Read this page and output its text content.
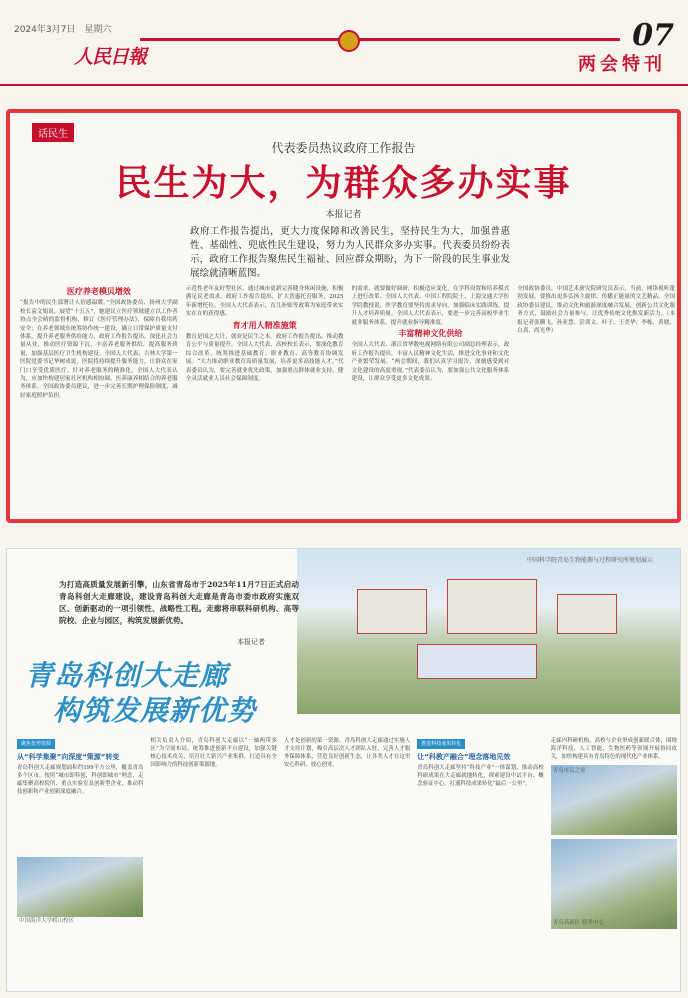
2024年3月7日　星期六
人民日報
07
两会特刊
话民生
代表委员热议政府工作报告
民生为大，为群众多办实事
本报记者
政府工作报告提出，更大力度保障和改善民生，坚持民生为大，加强普惠性、基础性、兜底性民生建设，努力为人民群众多办实事。代表委员纷纷表示，政府工作报告聚焦民生福祉、回应群众期盼，为下一阶段的民生事业发展绘就清晰蓝图。
医疗养老模贝增效

“报告中的民生部署让人倍感温暖。”全国政协委员、扬州大学副校长袁文娟说。展望“十五五”，她建议立医疗领域建立以工作者协点全会晴的监督机构，修订《医疗管理办法》，保障自我用药安全；在养老领域东统筹协作统一建设，确立日常保护质量支付体系，提升养老服务供给能力。政府工作报告提出，深化社会力量从业，推动医疗资源下沉，丰富养老服务供给，提高服务质量，加强基层医疗卫生机构建设。全国人大代表、吉林大学第一医院党委书记华树成说，医院将持续提升服务能力，让群众在家门口享受优质医疗。针对养老服务的精准化，全国人大代表认为，应加快构建居家社区机构相协调、医养康养相结合的养老服务体系。全国政协委员建议，进一步完善长期护理保险制度，减轻家庭照护负担。

示范性老年友好型社区，通过城市更新完善健身休闲设施，积极满足民老需求。政府工作报告提出，扩大普惠托育服务，2025年新增托位。全国人大代表表示，育儿补贴等政策为家庭带来实实在在的获得感。

育才用人精准施策

教育是国之大计，就业是民生之本。政府工作报告提出，推动教育公平与质量提升。全国人大代表、高校校长表示，要深化教育综合改革，统筹推进基础教育、职业教育、高等教育协调发展。“大力推动职业教育高质量发展，培养更多高技能人才。”代表委员认为，要完善就业优先政策，加强重点群体就业支持，健全灵活就业人员社会保障制度。

的需求，就要做好调研，积极适应变化，在学科设置和培养模式上进行改革。全国人大代表、中国工程院院士、上海交通大学医学院教授说，医学教育要坚持需求导向，加强临床实践训练，提升人才培养质量。全国人大代表表示，要进一步完善高校毕业生就业服务体系，提升就业指导精准度。

丰富精神文化供给

全国人大代表、浙江省华数电视网络有限公司副总经理表示，政府工作报告提出，丰富人民精神文化生活，推进文化事业和文化产业繁荣发展。“两会期间，我们认真学习报告，深刻感受到对文化建设的高度重视。”代表委员认为，要加强公共文化服务体系建设，让群众享受更多文化成果。

全国政协委员、中国艺术研究院研究员表示，当前，网络视听蓬勃发展，要推出更多弘扬主旋律、传播正能量的文艺精品。全国政协委员建议，推动文化和旅游深度融合发展，创新公共文化服务方式，鼓励社会力量参与，让优秀传统文化焕发新活力。（本报记者张腾飞、孙亚慧、彭训文、叶子、王美华、李栋、黄晓、白真、尚光华）

中国科学院青岛生物能源与过程研究所规划展示
为打造高质量发展新引擎，山东省青岛市于2025年11月7日正式启动青岛科创大走廊建设，建设青岛科创大走廊是青岛市委市政府实施双区、创新驱动的一项引领性、战略性工程。走廊将串联科研机构、高等院校、企业与园区，构筑发展新优势。
本报记者
青岛科创大走廊
构筑发展新优势
聚焦优势资源
从“科学集聚”向深度“策源”转变

青岛科创大走廊规划面积约199平方公里，覆盖青岛多个区市。按照“城市即科创，科创即城市”理念，走廊集聚高校院所、重点实验室及创新型企业，推动科技创新和产业创新深度融合。

中国海洋大学崂山校区

相关负责人介绍，青岛科创大走廊以“一轴两带多区”为空间布局，统筹推进创新平台建设，加强关键核心技术攻关，培育壮大新兴产业集群，打造具有全国影响力的科技创新策源地。

人才是创新的第一资源。青岛科创大走廊通过实施人才支持计划，吸引高层次人才团队入驻，完善人才服务保障体系，营造良好创新生态，让各类人才在这里安心科研、放心创业。

推进科技成果转化
让“科教产融合”理念落地见效

青岛科创大走廊坚持“科技产业”一体谋划，推动高校科研成果在大走廊就地转化，探索建设中试平台、概念验证中心，打通科技成果转化“最后一公里”。

走廊内科研机构、高校与企业形成创新联合体，围绕海洋科技、人工智能、生物医药等领域开展协同攻关，加快构建具有青岛特色的现代化产业体系。

青岛市民之家
青岛高新区 服务中心
